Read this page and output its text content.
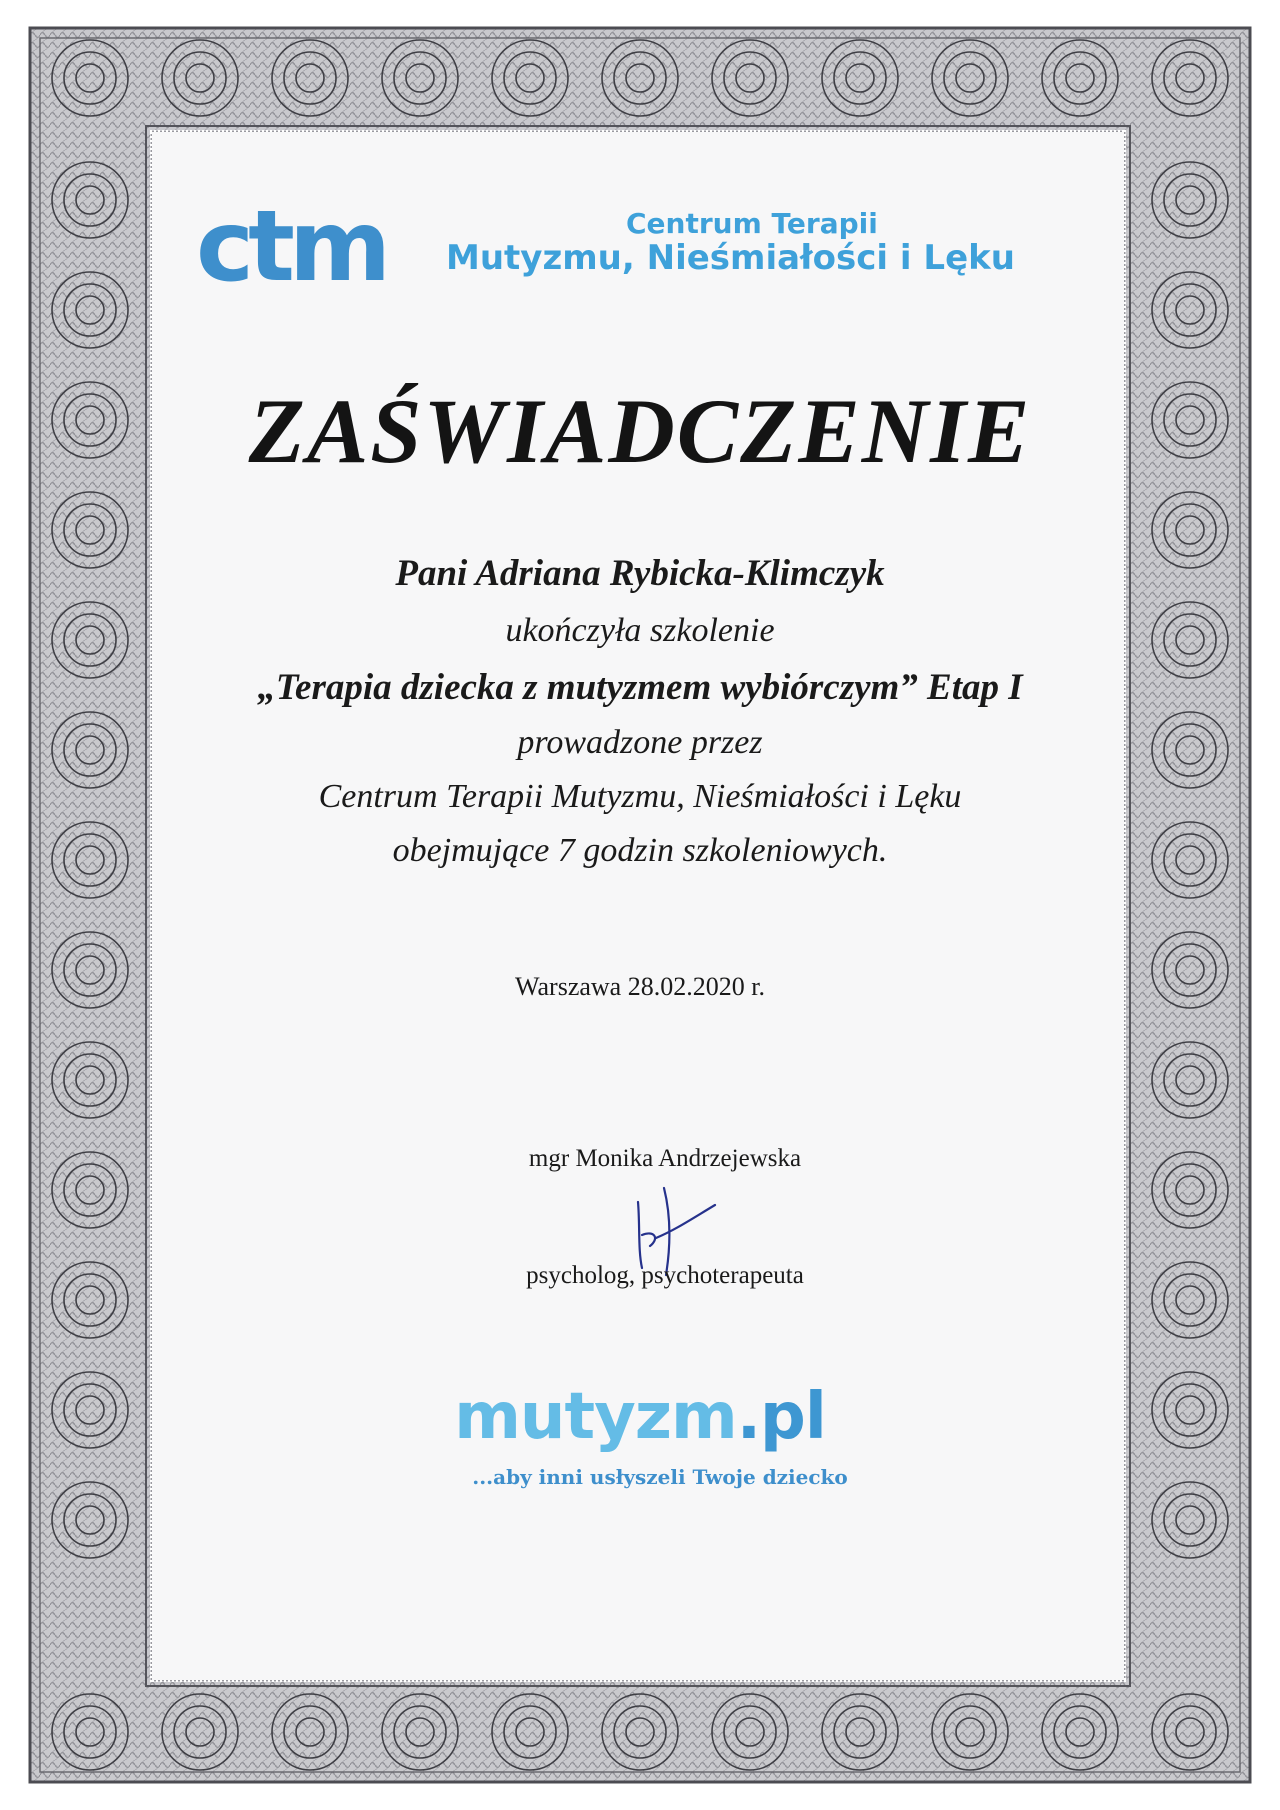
ctm	Centrum Terapii
Mutyzmu, Nieśmiałości i Lęku
ZAŚWIADCZENIE
Pani Adriana Rybicka-Klimczyk
ukończyła szkolenie
„Terapia dziecka z mutyzmem wybiórczym” Etap I
prowadzone przez
Centrum Terapii Mutyzmu, Nieśmiałości i Lęku
obejmujące 7 godzin szkoleniowych.
Warszawa 28.02.2020 r.
mgr Monika Andrzejewska
psycholog, psychoterapeuta
mutyzm.pl
...aby inni usłyszeli Twoje dziecko
